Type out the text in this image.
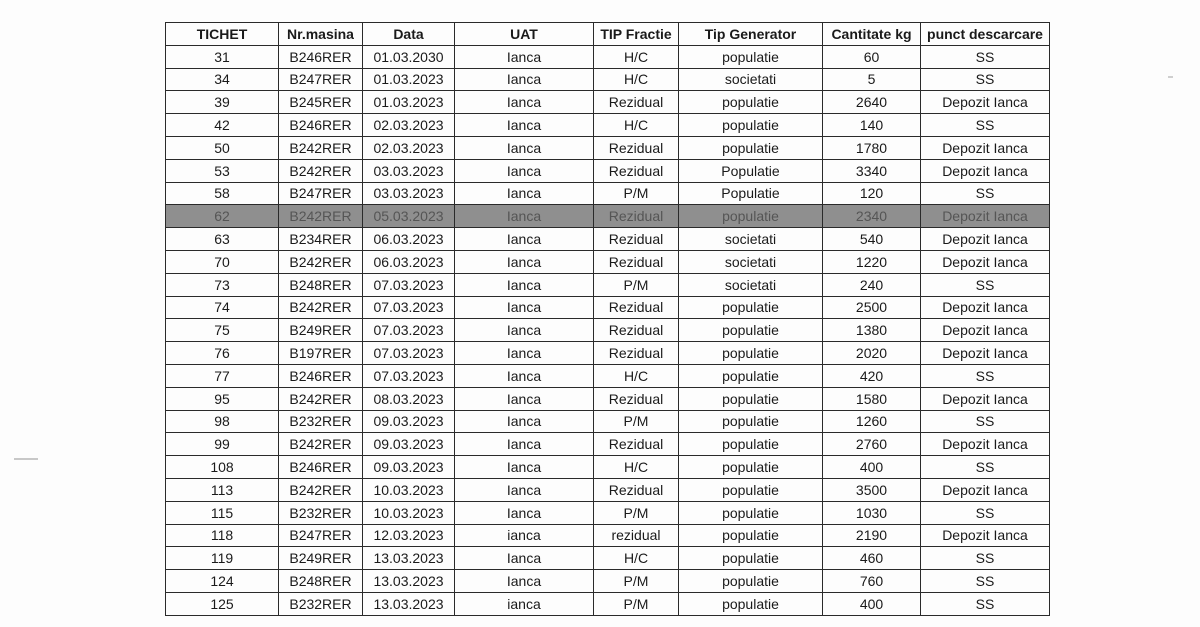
TICHET	Nr.masina	Data	UAT	TIP Fractie	Tip Generator	Cantitate kg	punct descarcare
31	B246RER	01.03.2030	Ianca	H/C	populatie	60	SS
34	B247RER	01.03.2023	Ianca	H/C	societati	5	SS
39	B245RER	01.03.2023	Ianca	Rezidual	populatie	2640	Depozit Ianca
42	B246RER	02.03.2023	Ianca	H/C	populatie	140	SS
50	B242RER	02.03.2023	Ianca	Rezidual	populatie	1780	Depozit Ianca
53	B242RER	03.03.2023	Ianca	Rezidual	Populatie	3340	Depozit Ianca
58	B247RER	03.03.2023	Ianca	P/M	Populatie	120	SS
62	B242RER	05.03.2023	Ianca	Rezidual	populatie	2340	Depozit Ianca
63	B234RER	06.03.2023	Ianca	Rezidual	societati	540	Depozit Ianca
70	B242RER	06.03.2023	Ianca	Rezidual	societati	1220	Depozit Ianca
73	B248RER	07.03.2023	Ianca	P/M	societati	240	SS
74	B242RER	07.03.2023	Ianca	Rezidual	populatie	2500	Depozit Ianca
75	B249RER	07.03.2023	Ianca	Rezidual	populatie	1380	Depozit Ianca
76	B197RER	07.03.2023	Ianca	Rezidual	populatie	2020	Depozit Ianca
77	B246RER	07.03.2023	Ianca	H/C	populatie	420	SS
95	B242RER	08.03.2023	Ianca	Rezidual	populatie	1580	Depozit Ianca
98	B232RER	09.03.2023	Ianca	P/M	populatie	1260	SS
99	B242RER	09.03.2023	Ianca	Rezidual	populatie	2760	Depozit Ianca
108	B246RER	09.03.2023	Ianca	H/C	populatie	400	SS
113	B242RER	10.03.2023	Ianca	Rezidual	populatie	3500	Depozit Ianca
115	B232RER	10.03.2023	Ianca	P/M	populatie	1030	SS
118	B247RER	12.03.2023	ianca	rezidual	populatie	2190	Depozit Ianca
119	B249RER	13.03.2023	Ianca	H/C	populatie	460	SS
124	B248RER	13.03.2023	Ianca	P/M	populatie	760	SS
125	B232RER	13.03.2023	ianca	P/M	populatie	400	SS
